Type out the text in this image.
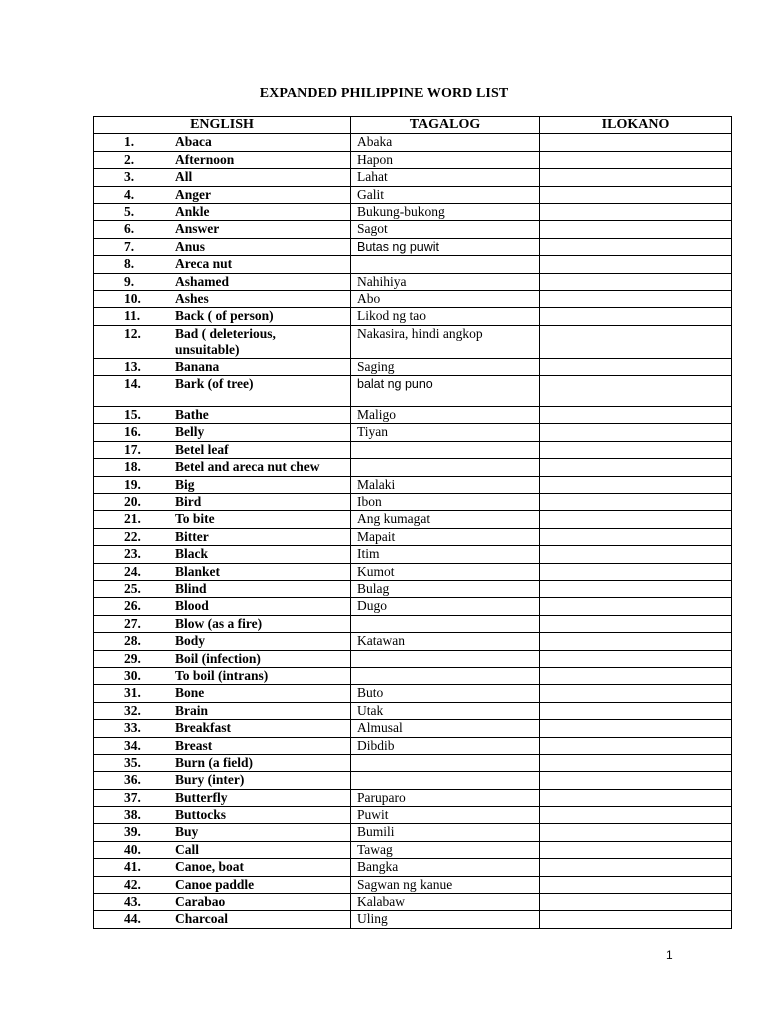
EXPANDED PHILIPPINE WORD LIST
ENGLISH	TAGALOG	ILOKANO
1. Abaca	Abaka	
2. Afternoon	Hapon	
3. All	Lahat	
4. Anger	Galit	
5. Ankle	Bukung-bukong	
6. Answer	Sagot	
7. Anus	Butas ng puwit	
8. Areca nut		
9. Ashamed	Nahihiya	
10. Ashes	Abo	
11. Back ( of person)	Likod ng tao	
12. Bad ( deleterious,

unsuitable)	Nakasira, hindi angkop	
13. Banana	Saging	
14. Bark (of tree)	balat ng puno	
15. Bathe	Maligo	
16. Belly	Tiyan	
17. Betel leaf		
18. Betel and areca nut chew		
19. Big	Malaki	
20. Bird	Ibon	
21. To bite	Ang kumagat	
22. Bitter	Mapait	
23. Black	Itim	
24. Blanket	Kumot	
25. Blind	Bulag	
26. Blood	Dugo	
27. Blow (as a fire)		
28. Body	Katawan	
29. Boil (infection)		
30. To boil (intrans)		
31. Bone	Buto	
32. Brain	Utak	
33. Breakfast	Almusal	
34. Breast	Dibdib	
35. Burn (a field)		
36. Bury (inter)		
37. Butterfly	Paruparo	
38. Buttocks	Puwit	
39. Buy	Bumili	
40. Call	Tawag	
41. Canoe, boat	Bangka	
42. Canoe paddle	Sagwan ng kanue	
43. Carabao	Kalabaw	
44. Charcoal	Uling	
1
